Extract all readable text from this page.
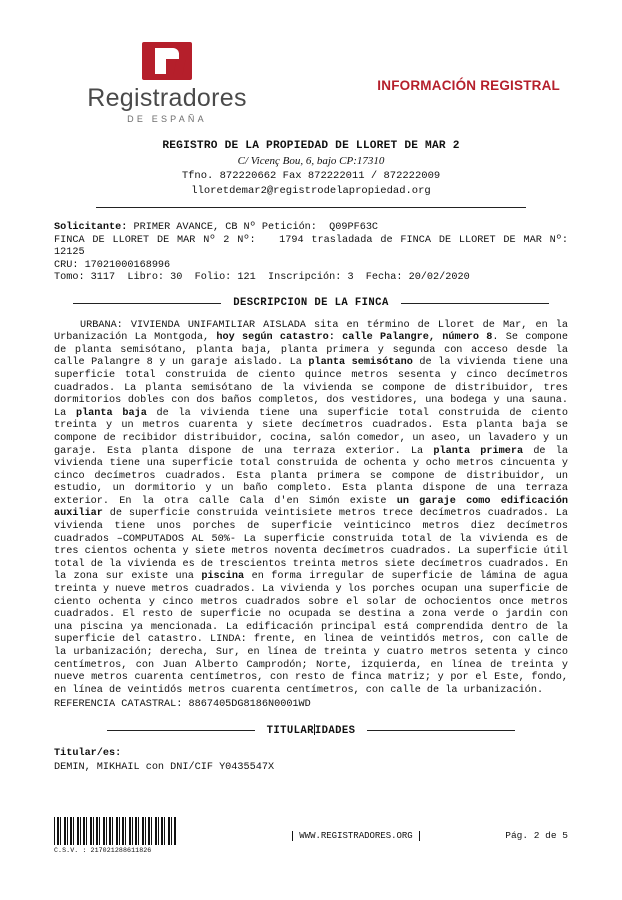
Registradores
DE ESPAÑA
INFORMACIÓN REGISTRAL
REGISTRO DE LA PROPIEDAD DE LLORET DE MAR 2
C/ Vicenç Bou, 6, bajo CP:17310
Tfno. 872220662 Fax 872222011 / 872222009
lloretdemar2@registrodelapropiedad.org
Solicitante: PRIMER AVANCE, CB Nº Petición:  Q09PF63C
FINCA DE LLORET DE MAR Nº 2 Nº:   1794 trasladada de FINCA DE LLORET DE MAR Nº: 12125
CRU: 17021000168996
Tomo: 3117  Libro: 30  Folio: 121  Inscripción: 3  Fecha: 20/02/2020
DESCRIPCION DE LA FINCA

URBANA: VIVIENDA UNIFAMILIAR AISLADA sita en término de Lloret de Mar, en la Urbanización La Montgoda, hoy según catastro: calle Palangre, número 8. Se compone de planta semisótano, planta baja, planta primera y segunda con acceso desde la calle Palangre 8 y un garaje aislado. La planta semisótano de la vivienda tiene una superficie total construida de ciento quince metros sesenta y cinco decímetros cuadrados. La planta semisótano de la vivienda se compone de distribuidor, tres dormitorios dobles con dos baños completos, dos vestidores, una bodega y una sauna. La planta baja de la vivienda tiene una superficie total construida de ciento treinta y un metros cuarenta y siete decímetros cuadrados. Esta planta baja se compone de recibidor distribuidor, cocina, salón comedor, un aseo, un lavadero y un garaje. Esta planta dispone de una terraza exterior. La planta primera de la vivienda tiene una superficie total construida de ochenta y ocho metros cincuenta y cinco decímetros cuadrados. Esta planta primera se compone de distribuidor, un estudio, un dormitorio y un baño completo. Esta planta dispone de una terraza exterior. En la otra calle Cala d'en Simón existe un garaje como edificación auxiliar de superficie construida veintisiete metros trece decímetros cuadrados. La vivienda tiene unos porches de superficie veinticinco metros diez decímetros cuadrados –COMPUTADOS AL 50%- La superficie construida total de la vivienda es de tres cientos ochenta y siete metros noventa decímetros cuadrados. La superficie útil total de la vivienda es de trescientos treinta metros siete decímetros cuadrados. En la zona sur existe una piscina en forma irregular de superficie de lámina de agua treinta y nueve metros cuadrados. La vivienda y los porches ocupan una superficie de ciento ochenta y cinco metros cuadrados sobre el solar de ochocientos once metros cuadrados. El resto de superficie no ocupada se destina a zona verde o jardin con una piscina ya mencionada. La edificación principal está comprendida dentro de la superficie del catastro. LINDA: frente, en linea de veintidós metros, con calle de la urbanización; derecha, Sur, en línea de treinta y cuatro metros setenta y cinco centímetros, con Juan Alberto Camprodón; Norte, izquierda, en línea de treinta y nueve metros cuarenta centímetros, con resto de finca matriz; y por el Este, fondo, en línea de veintidós metros cuarenta centímetros, con calle de la urbanización.

REFERENCIA CATASTRAL: 8867405DG8186N0001WD
TITULARIDADES
Titular/es:
DEMIN, MIKHAIL con DNI/CIF Y0435547X
C.S.V. : 217021288611826
WWW.REGISTRADORES.ORG	Pág. 2 de 5
